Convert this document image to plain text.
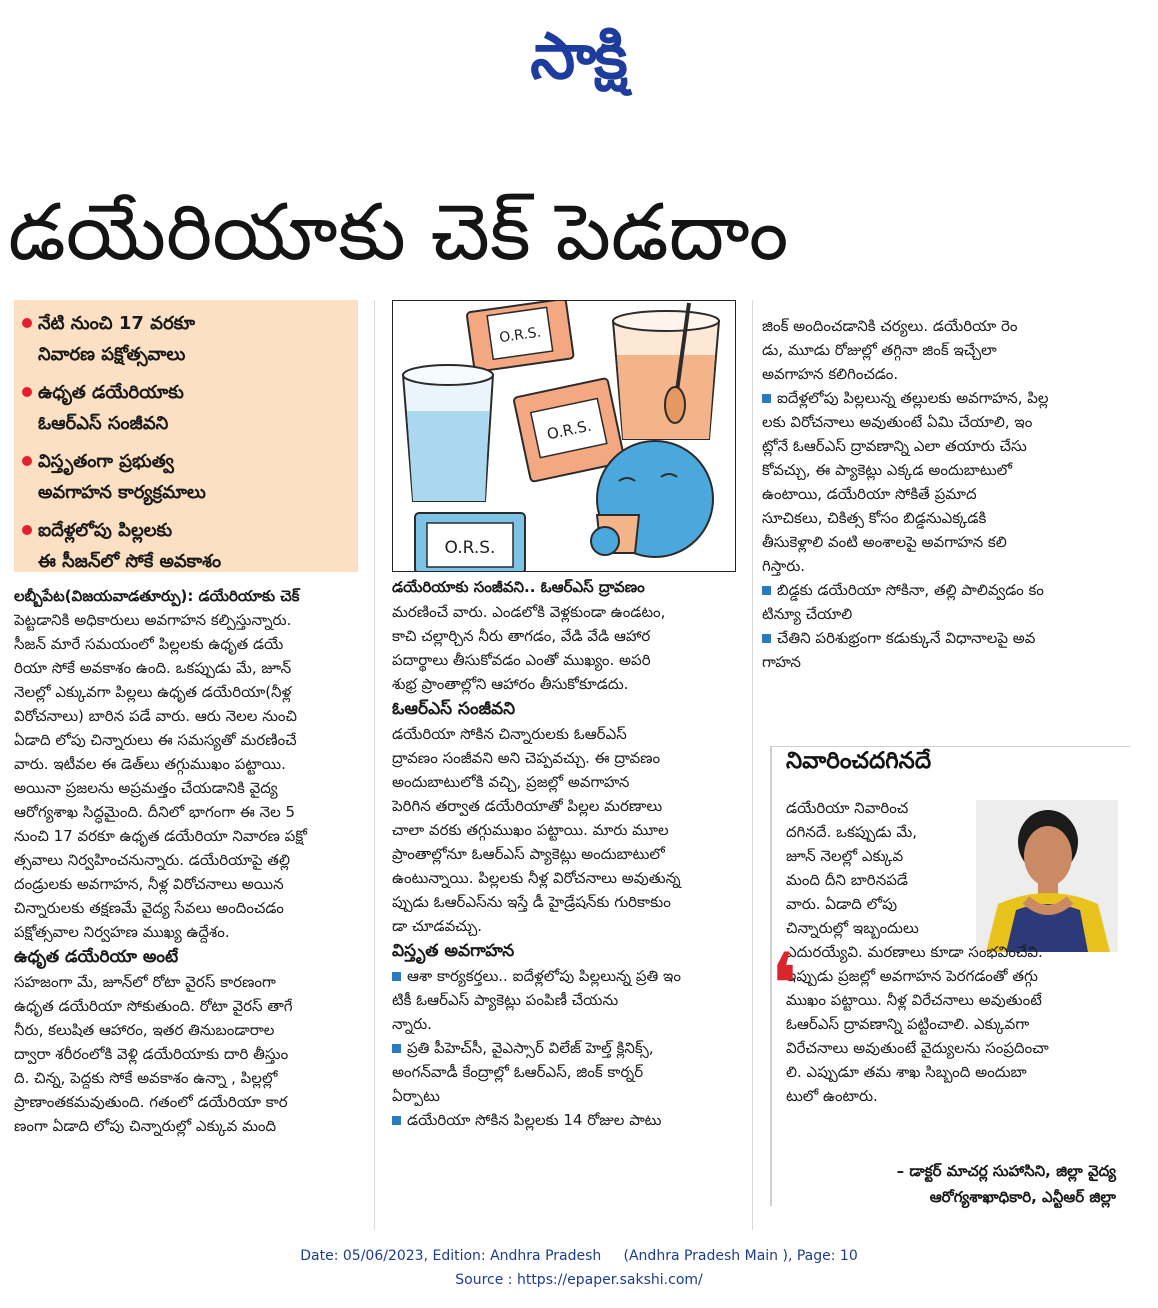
సాక్షి
డయేరియాకు చెక్ పెడదాం
నేటి నుంచి 17 వరకూ
నివారణ పక్షోత్సవాలు
ఉధృత డయేరియాకు
ఓఆర్ఎస్ సంజీవని
విస్తృతంగా ప్రభుత్వ
అవగాహన కార్యక్రమాలు
ఐదేళ్లలోపు పిల్లలకు
ఈ సీజన్‌లో సోకే అవకాశం
లబ్బీపేట(విజయవాడతూర్పు): డయేరియాకు చెక్
పెట్టడానికి అధికారులు అవగాహన కల్పిస్తున్నారు.
సీజన్ మారే సమయంలో పిల్లలకు ఉధృత డయే
రియా సోకే అవకాశం ఉంది. ఒకప్పుడు మే, జూన్
నెలల్లో ఎక్కువగా పిల్లలు ఉధృత డయేరియా(నీళ్ల
విరోచనాలు) బారిన పడే వారు. ఆరు నెలల నుంచి
ఏడాది లోపు చిన్నారులు ఈ సమస్యతో మరణించే
వారు. ఇటీవల ఈ డెత్‌లు తగ్గుముఖం పట్టాయి.
అయినా ప్రజలను అప్రమత్తం చేయడానికి వైద్య
ఆరోగ్యశాఖ సిద్ధమైంది. దీనిలో భాగంగా ఈ నెల 5
నుంచి 17 వరకూ ఉధృత డయేరియా నివారణ పక్షో
త్సవాలు నిర్వహించనున్నారు. డయేరియాపై తల్లి
దండ్రులకు అవగాహన, నీళ్ల విరోచనాలు అయిన
చిన్నారులకు తక్షణమే వైద్య సేవలు అందించడం
పక్షోత్సవాల నిర్వహణ ముఖ్య ఉద్దేశం.
ఉధృత డయేరియా అంటే
సహజంగా మే, జూన్‌లో రోటా వైరస్ కారణంగా
ఉధృత డయేరియా సోకుతుంది. రోటా వైరస్ తాగే
నీరు, కలుషిత ఆహారం, ఇతర తినుబండారాల
ద్వారా శరీరంలోకి వెళ్లి డయేరియాకు దారి తీస్తుం
ది. చిన్న, పెద్దకు సోకే అవకాశం ఉన్నా , పిల్లల్లో
ప్రాణాంతకమవుతుంది. గతంలో డయేరియా కార
ణంగా ఏడాది లోపు చిన్నారుల్లో ఎక్కువ మంది
O.R.S.
O.R.S.
O.R.S.
డయేరియాకు సంజీవని.. ఓఆర్ఎస్ ద్రావణం
మరణించే వారు. ఎండలోకి వెళ్లకుండా ఉండటం,
కాచి చల్లార్చిన నీరు తాగడం, వేడి వేడి ఆహార
పదార్థాలు తీసుకోవడం ఎంతో ముఖ్యం. అపరి
శుభ్ర ప్రాంతాల్లోని ఆహారం తీసుకోకూడదు.
ఓఆర్ఎస్ సంజీవని
డయేరియా సోకిన చిన్నారులకు ఓఆర్ఎస్
ద్రావణం సంజీవని అని చెప్పవచ్చు. ఈ ద్రావణం
అందుబాటులోకి వచ్చి, ప్రజల్లో అవగాహన
పెరిగిన తర్వాత డయేరియాతో పిల్లల మరణాలు
చాలా వరకు తగ్గుముఖం పట్టాయి. మారు మూల
ప్రాంతాల్లోనూ ఓఆర్ఎస్ ప్యాకెట్లు అందుబాటులో
ఉంటున్నాయి. పిల్లలకు నీళ్ల విరోచనాలు అవుతున్న
ప్పుడు ఓఆర్ఎస్‌ను ఇస్తే డీ హైడ్రేషన్‌కు గురికాకుం
డా చూడవచ్చు.
విస్తృత అవగాహన
ఆశా కార్యకర్తలు.. ఐదేళ్లలోపు పిల్లలున్న ప్రతి ఇం
టికీ ఓఆర్ఎస్ ప్యాకెట్లు పంపిణీ చేయను
న్నారు.
ప్రతి పీహెచ్‌సీ, వైఎస్సార్ విలేజ్ హెల్త్ క్లినిక్స్,
అంగన్‌వాడీ కేంద్రాల్లో ఓఆర్ఎస్, జింక్ కార్నర్
ఏర్పాటు
డయేరియా సోకిన పిల్లలకు 14 రోజుల పాటు
జింక్ అందించడానికి చర్యలు. డయేరియా రెం
డు, మూడు రోజుల్లో తగ్గినా జింక్ ఇచ్చేలా
అవగాహన కలిగించడం.
ఐదేళ్లలోపు పిల్లలున్న తల్లులకు అవగాహన, పిల్ల
లకు విరోచనాలు అవుతుంటే ఏమి చేయాలి, ఇం
ట్లోనే ఓఆర్ఎస్ ద్రావణాన్ని ఎలా తయారు చేసు
కోవచ్చు, ఈ ప్యాకెట్లు ఎక్కడ అందుబాటులో
ఉంటాయి, డయేరియా సోకితే ప్రమాద
సూచికలు, చికిత్స కోసం బిడ్డనుఎక్కడకి
తీసుకెళ్లాలి వంటి అంశాలపై అవగాహన కలి
గిస్తారు.
బిడ్డకు డయేరియా సోకినా, తల్లి పాలివ్వడం కం
టిన్యూ చేయాలి
చేతిని పరిశుభ్రంగా కడుక్కునే విధానాలపై అవ
గాహన
నివారించదగినదే
డయేరియా నివారించ
దగినదే. ఒకప్పుడు మే,
జూన్ నెలల్లో ఎక్కువ
మంది దీని బారినపడే
వారు. ఏడాది లోపు
చిన్నారుల్లో ఇబ్బందులు
ఎదురయ్యేవి. మరణాలు కూడా సంభవించేవి.
ఇప్పుడు ప్రజల్లో అవగాహన పెరగడంతో తగ్గు
ముఖం పట్టాయి. నీళ్ల విరేచనాలు అవుతుంటే
ఓఆర్ఎస్ ద్రావణాన్ని పట్టించాలి. ఎక్కువగా
విరేచనాలు అవుతుంటే వైద్యులను సంప్రదించా
లి. ఎప్పుడూ తమ శాఖ సిబ్బంది అందుబా
టులో ఉంటారు.
❛
– డాక్టర్ మాచర్ల సుహాసిని, జిల్లా వైద్య
ఆరోగ్యశాఖాధికారి, ఎన్టీఆర్ జిల్లా
Date: 05/06/2023, Edition: Andhra Pradesh     (Andhra Pradesh Main ), Page: 10
Source : https://epaper.sakshi.com/
